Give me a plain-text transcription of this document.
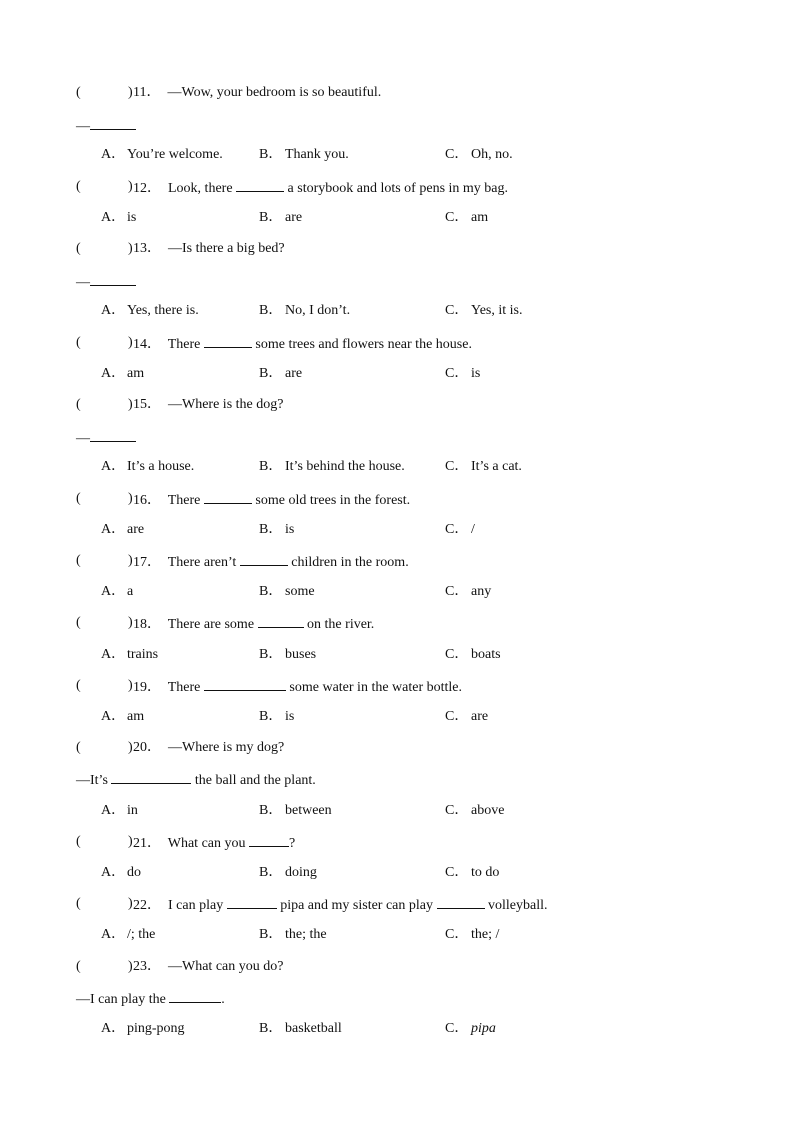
(	) 11． —Wow, your bedroom is so beautiful.
—
A． You’re welcome.	B． Thank you.	C． Oh, no.
(	) 12． Look, there	a storybook and lots of pens in my bag.
A． is	B． are	C． am
(	) 13． —Is there a big bed?
—
A． Yes, there is.	B． No, I don’t.	C． Yes, it is.
(	) 14． There	some trees and flowers near the house.
A． am	B． are	C． is
(	) 15． —Where is the dog?
—
A． It’s a house.	B． It’s behind the house.	C． It’s a cat.
(	) 16． There	some old trees in the forest.
A． are	B． is	C． /
(	) 17． There aren’t	children in the room.
A． a	B． some	C． any
(	) 18． There are some	on the river.
A． trains	B． buses	C． boats
(	) 19． There	some water in the water bottle.
A． am	B． is	C． are
(	) 20． —Where is my dog?
—It’s	the ball and the plant.
A． in	B． between	C． above
(	) 21． What can you	?
A． do	B． doing	C． to do
(	) 22． I can play	pipa and my sister can play	volleyball.
A． /; the	B． the; the	C． the; /
(	) 23． —What can you do?
—I can play the	.
A． ping-pong	B． basketball	C． pipa
